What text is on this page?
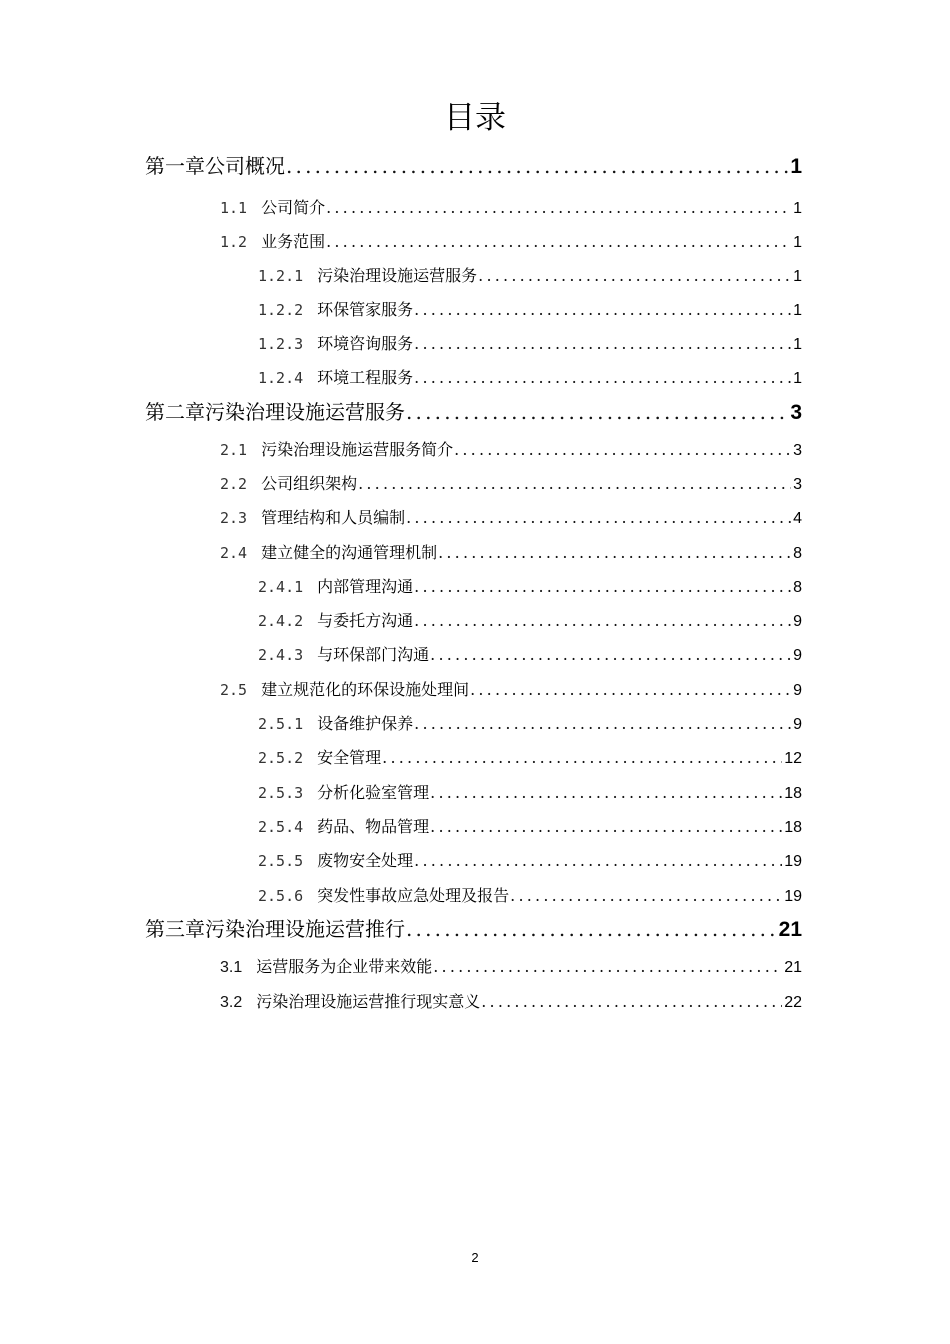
目录
第一章公司概况 .....	1
1.1 公司简介 .....	1
1.2 业务范围 .....	1
1.2.1 污染治理设施运营服务 .....	1
1.2.2 环保管家服务 .....	1
1.2.3 环境咨询服务 .....	1
1.2.4 环境工程服务 .....	1
第二章污染治理设施运营服务 .....	3
2.1 污染治理设施运营服务简介 .....	3
2.2 公司组织架构 .....	3
2.3 管理结构和人员编制 .....	4
2.4 建立健全的沟通管理机制 .....	8
2.4.1 内部管理沟通 .....	8
2.4.2 与委托方沟通 .....	9
2.4.3 与环保部门沟通 .....	9
2.5 建立规范化的环保设施处理间 .....	9
2.5.1 设备维护保养 .....	9
2.5.2 安全管理 .....	12
2.5.3 分析化验室管理 .....	18
2.5.4 药品、物品管理 .....	18
2.5.5 废物安全处理 .....	19
2.5.6 突发性事故应急处理及报告 .....	19
第三章污染治理设施运营推行 .....	21
3.1 运营服务为企业带来效能 .....	21
3.2 污染治理设施运营推行现实意义 .....	22
2
